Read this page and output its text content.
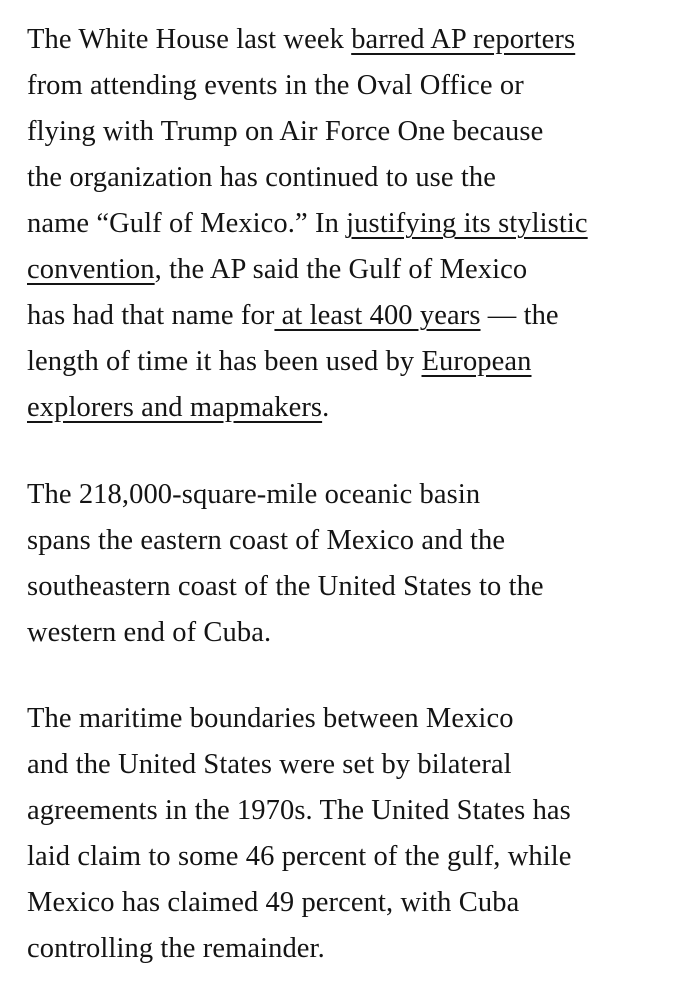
The White House last week barred AP reporters
from attending events in the Oval Office or
flying with Trump on Air Force One because
the organization has continued to use the
name “Gulf of Mexico.” In justifying its stylistic
convention, the AP said the Gulf of Mexico
has had that name for at least 400 years — the
length of time it has been used by European
explorers and mapmakers.

The 218,000-square-mile oceanic basin
spans the eastern coast of Mexico and the
southeastern coast of the United States to the
western end of Cuba.

The maritime boundaries between Mexico
and the United States were set by bilateral
agreements in the 1970s. The United States has
laid claim to some 46 percent of the gulf, while
Mexico has claimed 49 percent, with Cuba
controlling the remainder.
